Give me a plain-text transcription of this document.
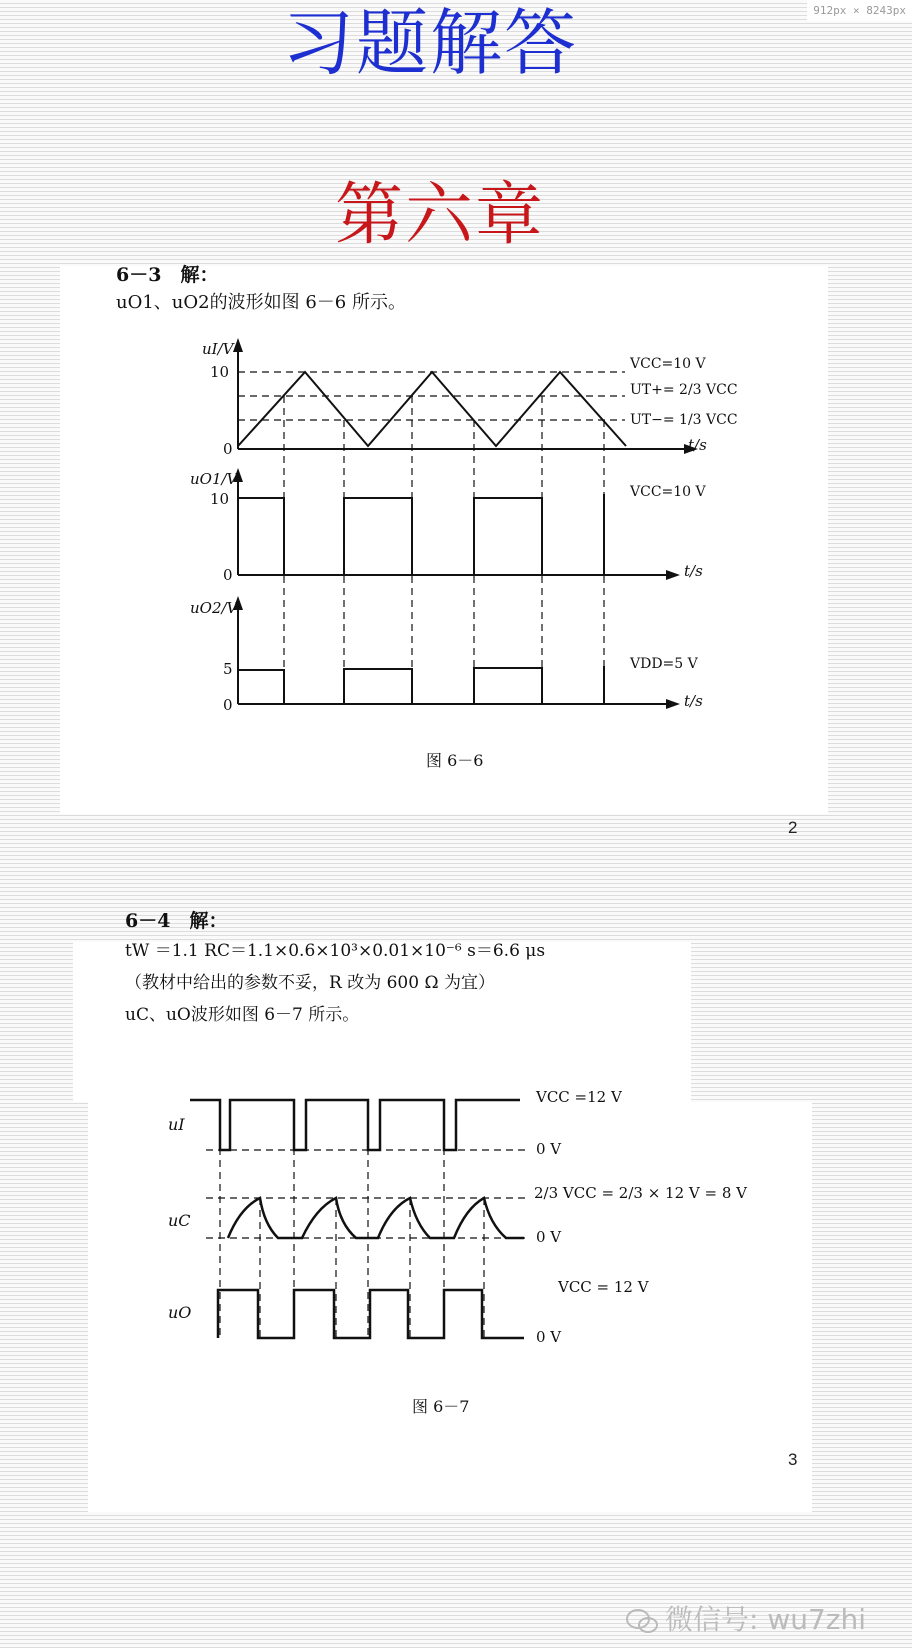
912px × 8243px
习题解答
第六章
6－3　解：
uO1、uO2的波形如图 6－6 所示。
uI/V
uO1/V
uO2/V
10
0
10
0
5
0
t/s
t/s
t/s
VCC=10 V
UT+= 2/3 VCC
UT−= 1/3 VCC
VCC=10 V
VDD=5 V
图 6－6
2
6－4　解：
tW ＝1.1 RC＝1.1×0.6×10³×0.01×10⁻⁶ s＝6.6 μs
（教材中给出的参数不妥，R 改为 600 Ω 为宜）
uC、uO波形如图 6－7 所示。
uI
uC
uO
VCC =12 V
0 V
2/3 VCC = 2/3 × 12 V = 8 V
0 V
VCC = 12 V
0 V
图 6－7
3
微信号: wu7zhi
